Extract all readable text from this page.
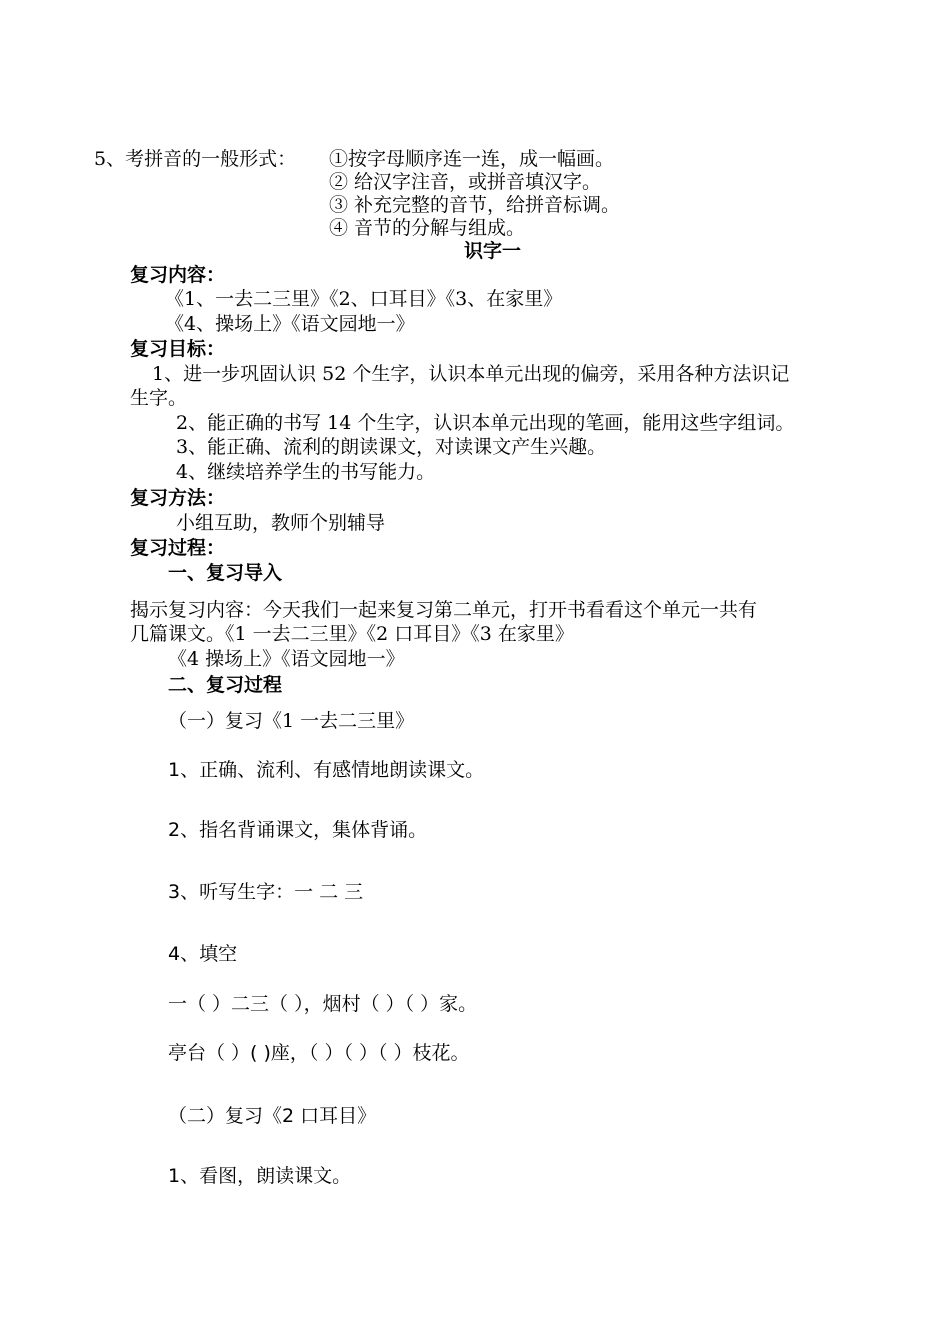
5、考拼音的一般形式： ①按字母顺序连一连，成一幅画。
② 给汉字注音，或拼音填汉字。
③ 补充完整的音节，给拼音标调。
④ 音节的分解与组成。
识字一
复习内容：
《1、一去二三里》《2、口耳目》《3、在家里》
《4、操场上》《语文园地一》
复习目标：
1、进一步巩固认识 52 个生字，认识本单元出现的偏旁，采用各种方法识记
生字。
2、能正确的书写 14 个生字，认识本单元出现的笔画，能用这些字组词。
3、能正确、流利的朗读课文，对读课文产生兴趣。
4、继续培养学生的书写能力。
复习方法：
小组互助，教师个别辅导
复习过程：
一、复习导入
揭示复习内容：今天我们一起来复习第二单元，打开书看看这个单元一共有
几篇课文。《1 一去二三里》《2 口耳目》《3 在家里》
《4 操场上》《语文园地一》
二、复习过程
（一）复习《1 一去二三里》
1、正确、流利、有感情地朗读课文。
2、指名背诵课文，集体背诵。
3、听写生字：一 二 三
4、填空
一（ ）二三（ ），烟村（ ）（ ）家。
亭台（ ）( )座，（ ）（ ）（ ）枝花。
（二）复习《2 口耳目》
1、看图，朗读课文。
